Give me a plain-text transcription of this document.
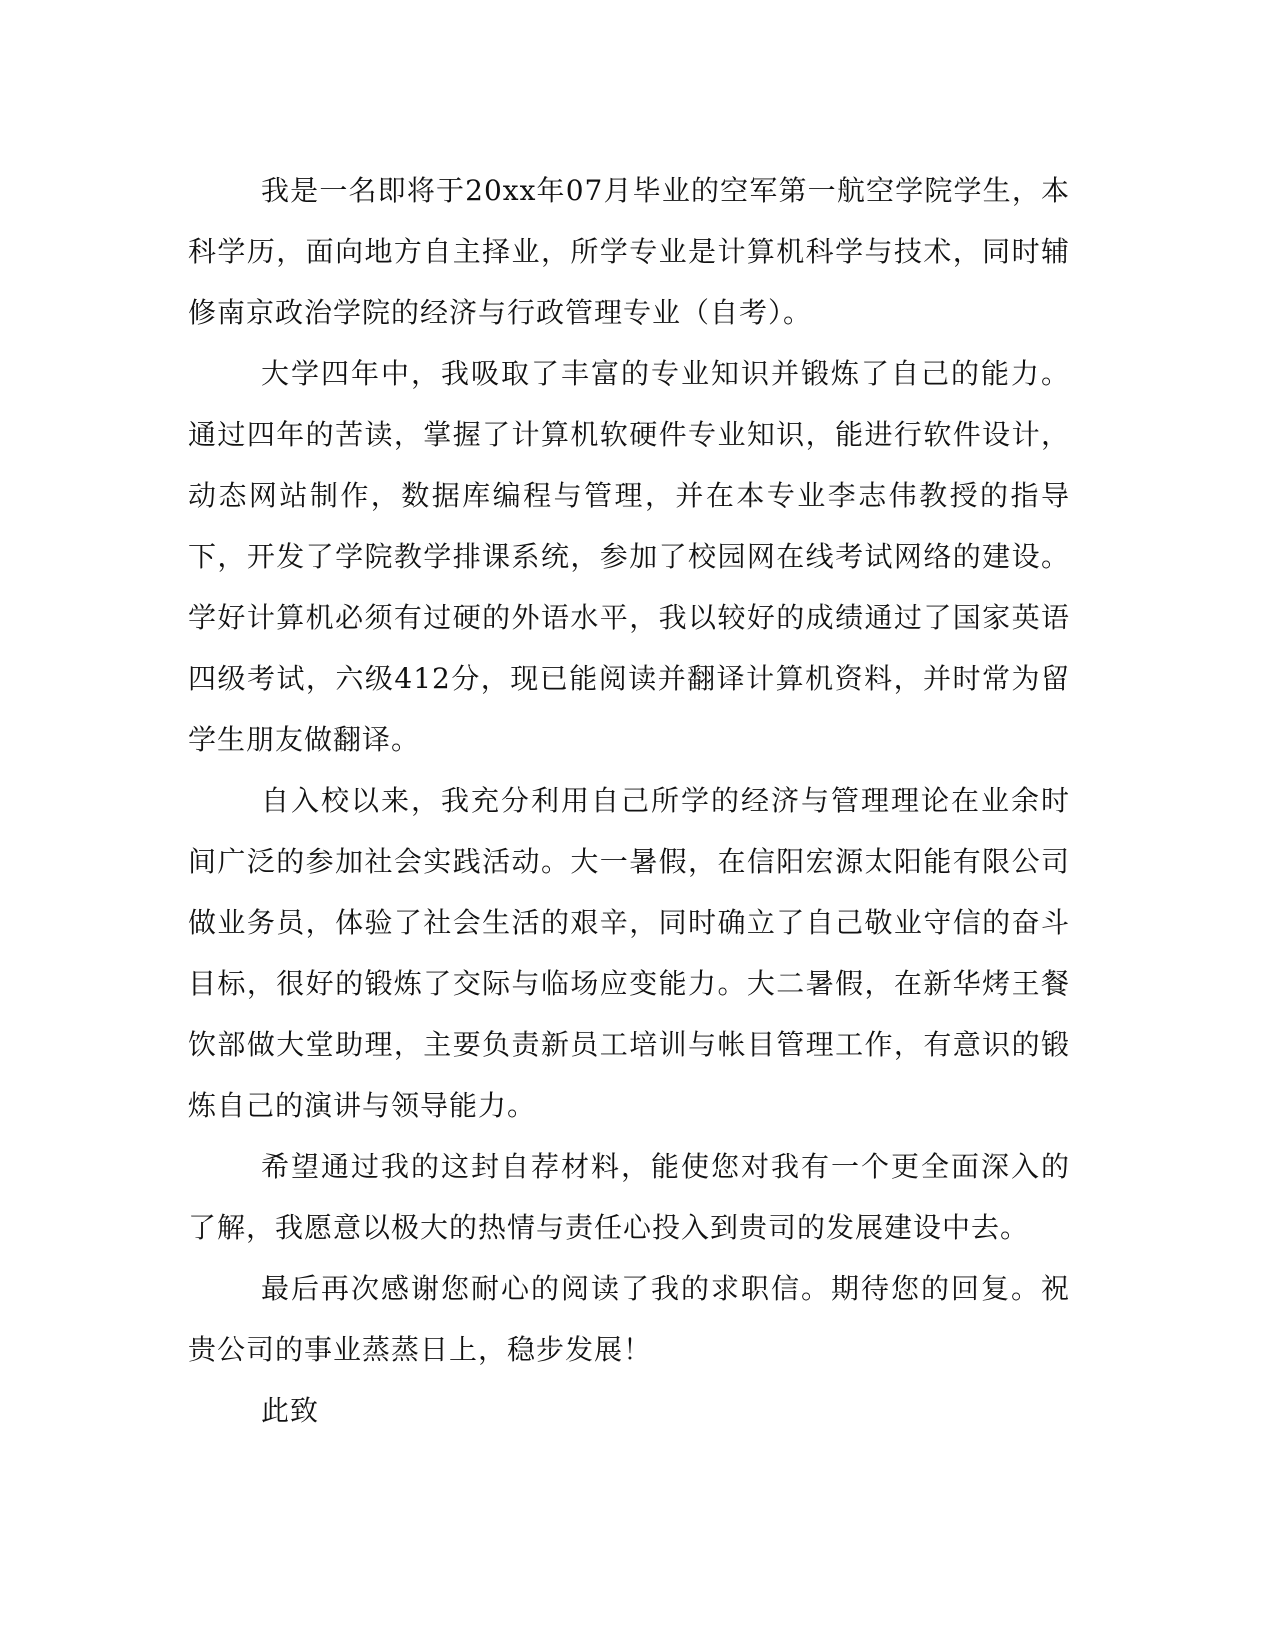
我是一名即将于20xx年07月毕业的空军第一航空学院学生，本科学历，面向地方自主择业，所学专业是计算机科学与技术，同时辅修南京政治学院的经济与行政管理专业（自考）。

大学四年中，我吸取了丰富的专业知识并锻炼了自己的能力。通过四年的苦读，掌握了计算机软硬件专业知识，能进行软件设计，动态网站制作，数据库编程与管理，并在本专业李志伟教授的指导下，开发了学院教学排课系统，参加了校园网在线考试网络的建设。学好计算机必须有过硬的外语水平，我以较好的成绩通过了国家英语四级考试，六级412分，现已能阅读并翻译计算机资料，并时常为留学生朋友做翻译。

自入校以来，我充分利用自己所学的经济与管理理论在业余时间广泛的参加社会实践活动。大一暑假，在信阳宏源太阳能有限公司做业务员，体验了社会生活的艰辛，同时确立了自己敬业守信的奋斗目标，很好的锻炼了交际与临场应变能力。大二暑假，在新华烤王餐饮部做大堂助理，主要负责新员工培训与帐目管理工作，有意识的锻炼自己的演讲与领导能力。

希望通过我的这封自荐材料，能使您对我有一个更全面深入的了解，我愿意以极大的热情与责任心投入到贵司的发展建设中去。

最后再次感谢您耐心的阅读了我的求职信。期待您的回复。祝贵公司的事业蒸蒸日上，稳步发展！

此致
